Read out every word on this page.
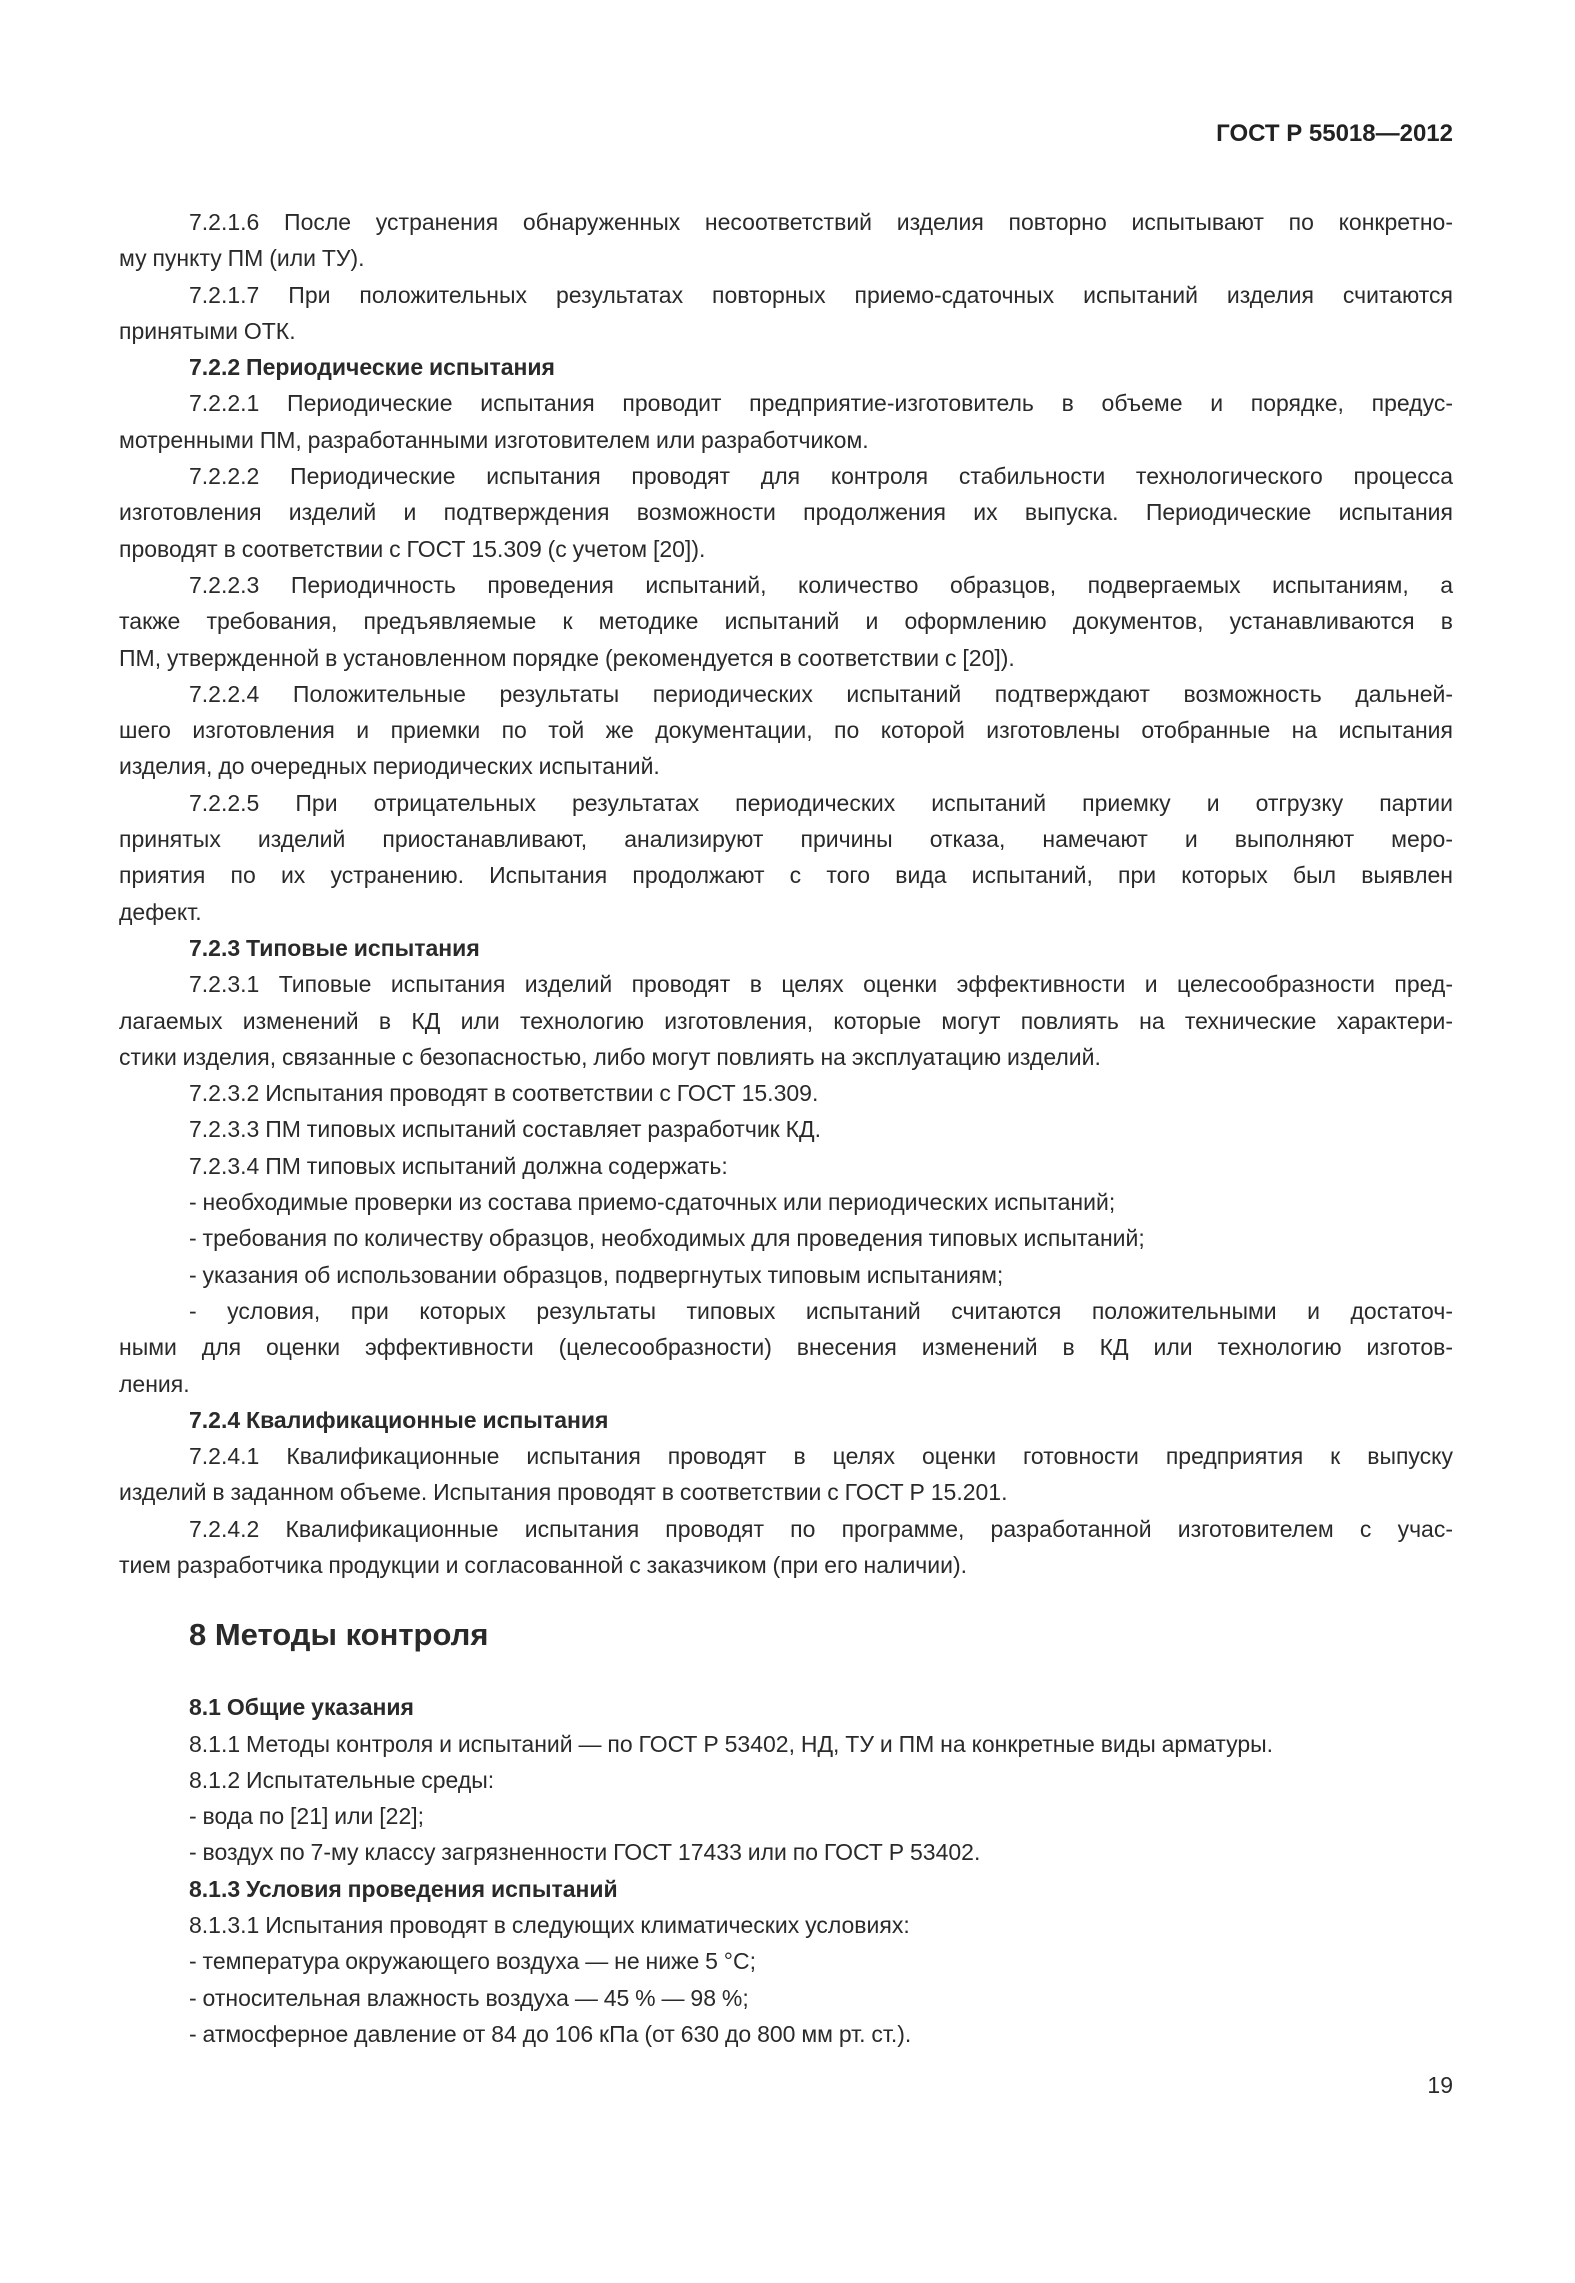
ГОСТ Р 55018—2012
7.2.1.6 После устранения обнаруженных несоответствий изделия повторно испытывают по конкретно-
му пункту ПМ (или ТУ).
7.2.1.7 При положительных результатах повторных приемо-сдаточных испытаний изделия считаются
принятыми ОТК.
7.2.2 Периодические испытания
7.2.2.1 Периодические испытания проводит предприятие-изготовитель в объеме и порядке, предус-
мотренными ПМ, разработанными изготовителем или разработчиком.
7.2.2.2 Периодические испытания проводят для контроля стабильности технологического процесса
изготовления изделий и подтверждения возможности продолжения их выпуска. Периодические испытания
проводят в соответствии с ГОСТ 15.309 (с учетом [20]).
7.2.2.3 Периодичность проведения испытаний, количество образцов, подвергаемых испытаниям, а
также требования, предъявляемые к методике испытаний и оформлению документов, устанавливаются в
ПМ, утвержденной в установленном порядке (рекомендуется в соответствии с [20]).
7.2.2.4 Положительные результаты периодических испытаний подтверждают возможность дальней-
шего изготовления и приемки по той же документации, по которой изготовлены отобранные на испытания
изделия, до очередных периодических испытаний.
7.2.2.5 При отрицательных результатах периодических испытаний приемку и отгрузку партии
принятых изделий приостанавливают, анализируют причины отказа, намечают и выполняют меро-
приятия по их устранению. Испытания продолжают с того вида испытаний, при которых был выявлен
дефект.
7.2.3 Типовые испытания
7.2.3.1 Типовые испытания изделий проводят в целях оценки эффективности и целесообразности пред-
лагаемых изменений в КД или технологию изготовления, которые могут повлиять на технические характери-
стики изделия, связанные с безопасностью, либо могут повлиять на эксплуатацию изделий.
7.2.3.2 Испытания проводят в соответствии с ГОСТ 15.309.
7.2.3.3 ПМ типовых испытаний составляет разработчик КД.
7.2.3.4 ПМ типовых испытаний должна содержать:
- необходимые проверки из состава приемо-сдаточных или периодических испытаний;
- требования по количеству образцов, необходимых для проведения типовых испытаний;
- указания об использовании образцов, подвергнутых типовым испытаниям;
- условия, при которых результаты типовых испытаний считаются положительными и достаточ-
ными для оценки эффективности (целесообразности) внесения изменений в КД или технологию изготов-
ления.
7.2.4 Квалификационные испытания
7.2.4.1 Квалификационные испытания проводят в целях оценки готовности предприятия к выпуску
изделий в заданном объеме. Испытания проводят в соответствии с ГОСТ Р 15.201.
7.2.4.2 Квалификационные испытания проводят по программе, разработанной изготовителем с учас-
тием разработчика продукции и согласованной с заказчиком (при его наличии).
8 Методы контроля
8.1 Общие указания
8.1.1 Методы контроля и испытаний — по ГОСТ Р 53402, НД, ТУ и ПМ на конкретные виды арматуры.
8.1.2 Испытательные среды:
- вода по [21] или [22];
- воздух по 7-му классу загрязненности ГОСТ 17433 или по ГОСТ Р 53402.
8.1.3 Условия проведения испытаний
8.1.3.1 Испытания проводят в следующих климатических условиях:
- температура окружающего воздуха — не ниже 5 °С;
- относительная влажность воздуха — 45 % — 98 %;
- атмосферное давление от 84 до 106 кПа (от 630 до 800 мм рт. ст.).
19
